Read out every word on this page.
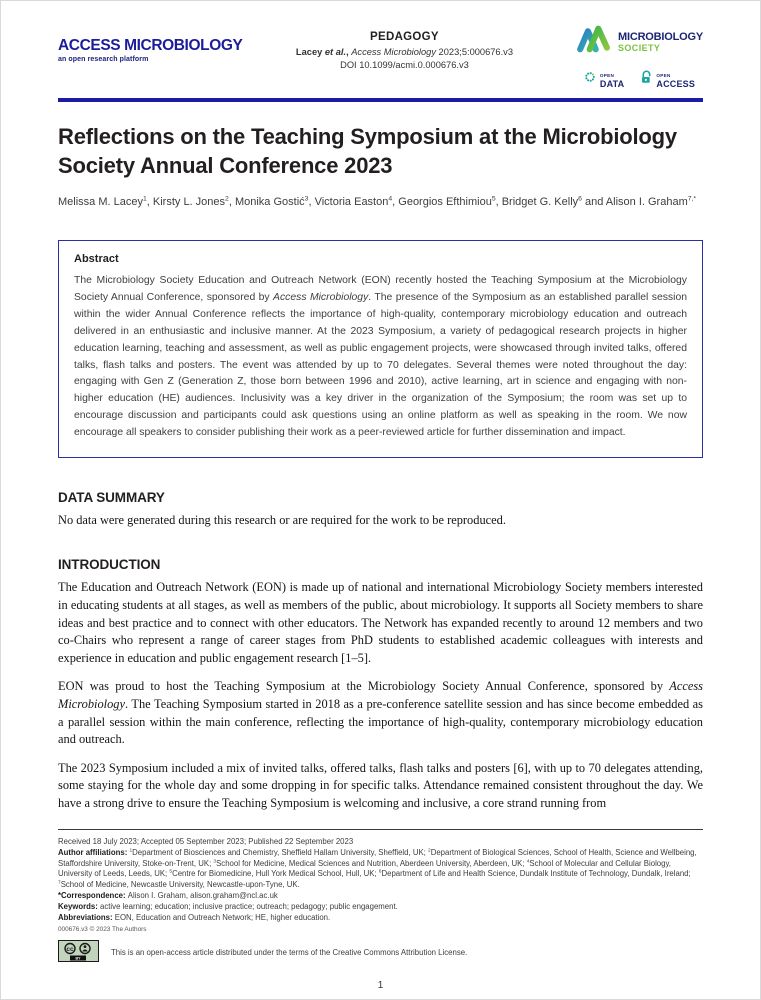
ACCESS MICROBIOLOGY
an open research platform
PEDAGOGY
Lacey et al., Access Microbiology 2023;5:000676.v3
DOI 10.1099/acmi.0.000676.v3
MICROBIOLOGY
SOCIETY
OPEN
DATA
OPEN
ACCESS
Reflections on the Teaching Symposium at the Microbiology Society Annual Conference 2023

Melissa M. Lacey$^1$, Kirsty L. Jones$^2$, Monika Gostić$^3$, Victoria Easton$^4$, Georgios Efthimiou$^5$, Bridget G. Kelly$^6$ and Alison I. Graham$^{7,*}$

Abstract

The Microbiology Society Education and Outreach Network (EON) recently hosted the Teaching Symposium at the Microbiology Society Annual Conference, sponsored by Access Microbiology. The presence of the Symposium as an established parallel session within the wider Annual Conference reflects the importance of high-quality, contemporary microbiology education and outreach delivered in an enthusiastic and inclusive manner. At the 2023 Symposium, a variety of pedagogical research projects in higher education learning, teaching and assessment, as well as public engagement projects, were showcased through invited talks, offered talks, flash talks and posters. The event was attended by up to 70 delegates. Several themes were noted throughout the day: engaging with Gen Z (Generation Z, those born between 1996 and 2010), active learning, art in science and engaging with non-higher education (HE) audiences. Inclusivity was a key driver in the organization of the Symposium; the room was set up to encourage discussion and participants could ask questions using an online platform as well as speaking in the room. We now encourage all speakers to consider publishing their work as a peer-reviewed article for further dissemination and impact.

DATA SUMMARY

No data were generated during this research or are required for the work to be reproduced.

INTRODUCTION

The Education and Outreach Network (EON) is made up of national and international Microbiology Society members interested in educating students at all stages, as well as members of the public, about microbiology. It supports all Society members to share ideas and best practice and to connect with other educators. The Network has expanded recently to around 12 members and two co-Chairs who represent a range of career stages from PhD students to established academic colleagues with interests and experience in education and public engagement research [1–5].

EON was proud to host the Teaching Symposium at the Microbiology Society Annual Conference, sponsored by Access Microbiology. The Teaching Symposium started in 2018 as a pre-conference satellite session and has since become embedded as a parallel session within the main conference, reflecting the importance of high-quality, contemporary microbiology education and outreach.

The 2023 Symposium included a mix of invited talks, offered talks, flash talks and posters [6], with up to 70 delegates attending, some staying for the whole day and some dropping in for specific talks. Attendance remained consistent throughout the day. We have a strong drive to ensure the Teaching Symposium is welcoming and inclusive, a core strand running from

Received 18 July 2023; Accepted 05 September 2023; Published 22 September 2023

Author affiliations: $^1$Department of Biosciences and Chemistry, Sheffield Hallam University, Sheffield, UK; $^2$Department of Biological Sciences, School of Health, Science and Wellbeing, Staffordshire University, Stoke-on-Trent, UK; $^3$School for Medicine, Medical Sciences and Nutrition, Aberdeen University, Aberdeen, UK; $^4$School of Molecular and Cellular Biology, University of Leeds, Leeds, UK; $^5$Centre for Biomedicine, Hull York Medical School, Hull, UK; $^6$Department of Life and Health Science, Dundalk Institute of Technology, Dundalk, Ireland; $^7$School of Medicine, Newcastle University, Newcastle-upon-Tyne, UK.

*Correspondence: Alison I. Graham, alison.graham@ncl.ac.uk

Keywords: active learning; education; inclusive practice; outreach; pedagogy; public engagement.

Abbreviations: EON, Education and Outreach Network; HE, higher education.

000676.v3 © 2023 The Authors

cc
BY
This is an open-access article distributed under the terms of the Creative Commons Attribution License.
1
